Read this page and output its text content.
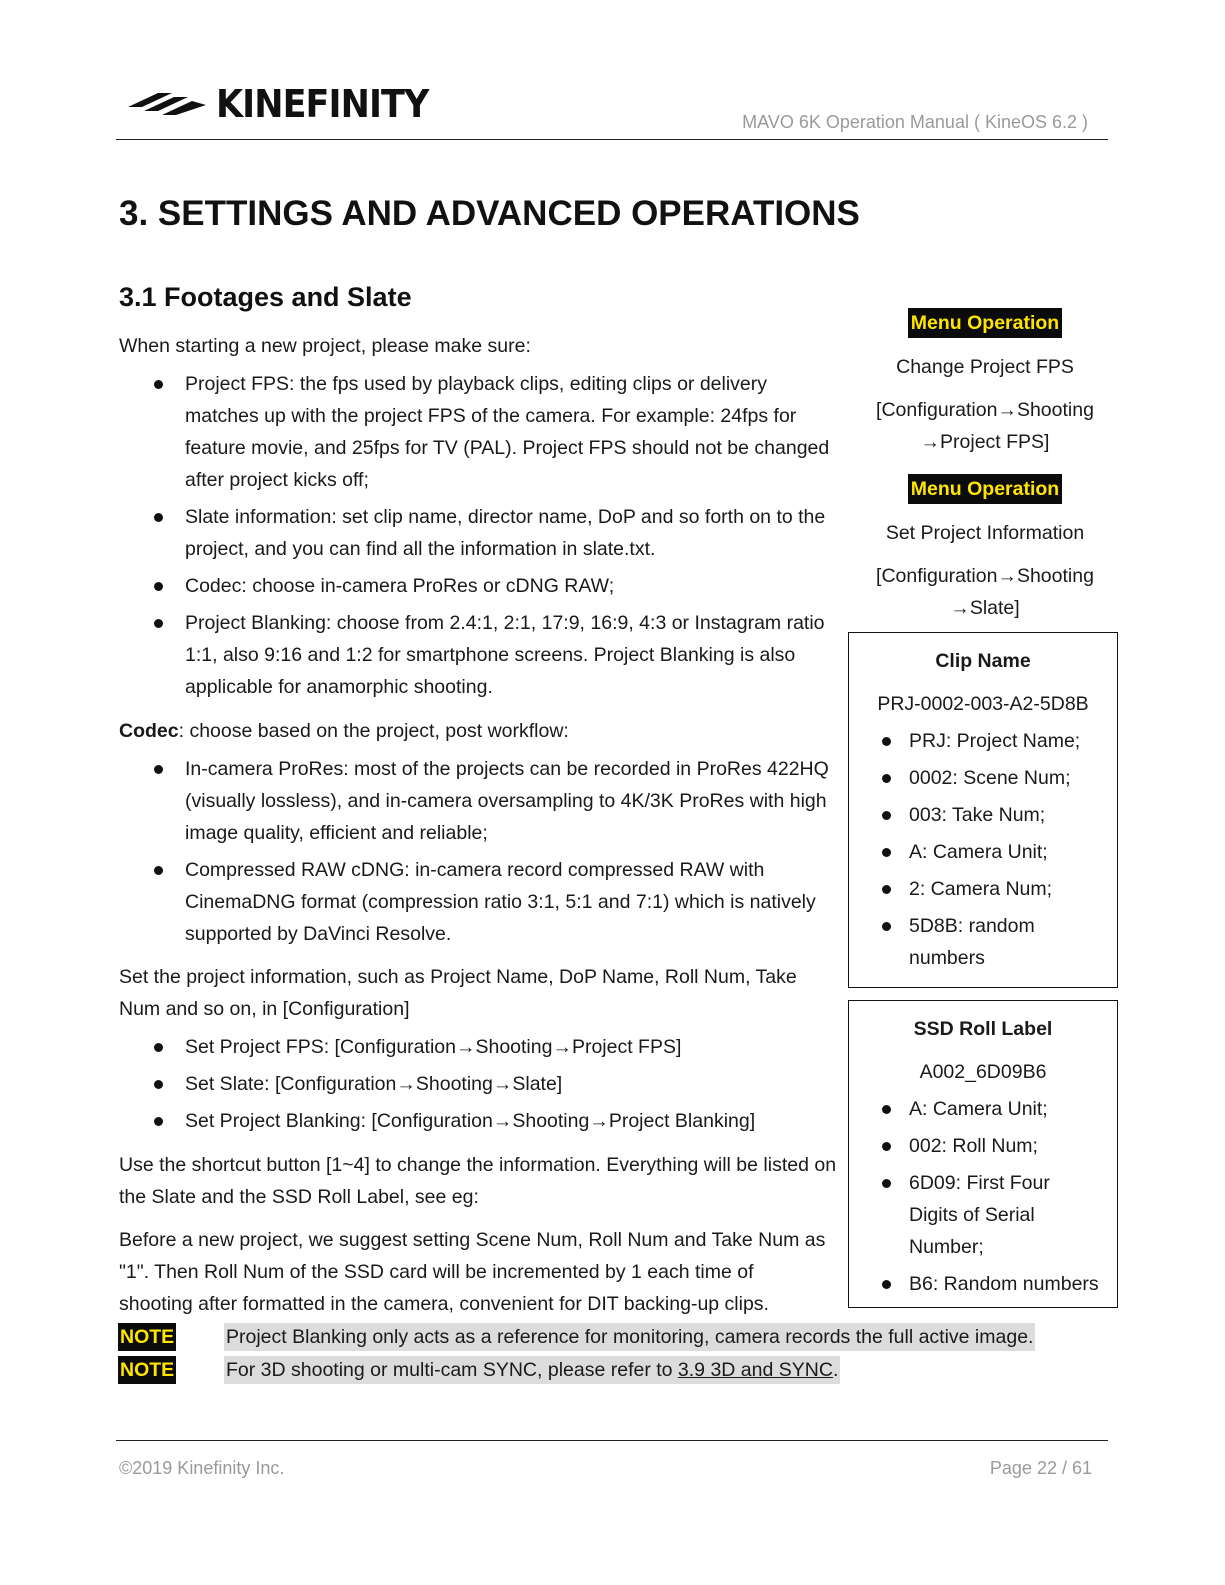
KINEFINITY	MAVO 6K Operation Manual ( KineOS 6.2 )
3. SETTINGS AND ADVANCED OPERATIONS
3.1 Footages and Slate
When starting a new project, please make sure:
Project FPS: the fps used by playback clips, editing clips or delivery matches up with the project FPS of the camera. For example: 24fps for feature movie, and 25fps for TV (PAL). Project FPS should not be changed after project kicks off;
Slate information: set clip name, director name, DoP and so forth on to the project, and you can find all the information in slate.txt.
Codec: choose in-camera ProRes or cDNG RAW;
Project Blanking: choose from 2.4:1, 2:1, 17:9, 16:9, 4:3 or Instagram ratio 1:1, also 9:16 and 1:2 for smartphone screens. Project Blanking is also applicable for anamorphic shooting.
Codec: choose based on the project, post workflow:
In-camera ProRes: most of the projects can be recorded in ProRes 422HQ (visually lossless), and in-camera oversampling to 4K/3K ProRes with high image quality, efficient and reliable;
Compressed RAW cDNG: in-camera record compressed RAW with CinemaDNG format (compression ratio 3:1, 5:1 and 7:1) which is natively supported by DaVinci Resolve.
Set the project information, such as Project Name, DoP Name, Roll Num, Take Num and so on, in [Configuration]
Set Project FPS: [Configuration→Shooting→Project FPS]
Set Slate: [Configuration→Shooting→Slate]
Set Project Blanking: [Configuration→Shooting→Project Blanking]
Use the shortcut button [1~4] to change the information. Everything will be listed on the Slate and the SSD Roll Label, see eg:
Before a new project, we suggest setting Scene Num, Roll Num and Take Num as "1". Then Roll Num of the SSD card will be incremented by 1 each time of shooting after formatted in the camera, convenient for DIT backing-up clips.
NOTE	Project Blanking only acts as a reference for monitoring, camera records the full active image.
NOTE	For 3D shooting or multi-cam SYNC, please refer to 3.9 3D and SYNC.
Menu Operation
Change Project FPS
[Configuration→Shooting
→Project FPS]
Menu Operation
Set Project Information
[Configuration→Shooting
→Slate]
Clip Name
PRJ-0002-003-A2-5D8B
PRJ: Project Name;
0002: Scene Num;
003: Take Num;
A: Camera Unit;
2: Camera Num;
5D8B: random numbers
SSD Roll Label
A002_6D09B6
A: Camera Unit;
002: Roll Num;
6D09: First Four Digits of Serial Number;
B6: Random numbers
©2019 Kinefinity Inc.	Page 22 / 61
